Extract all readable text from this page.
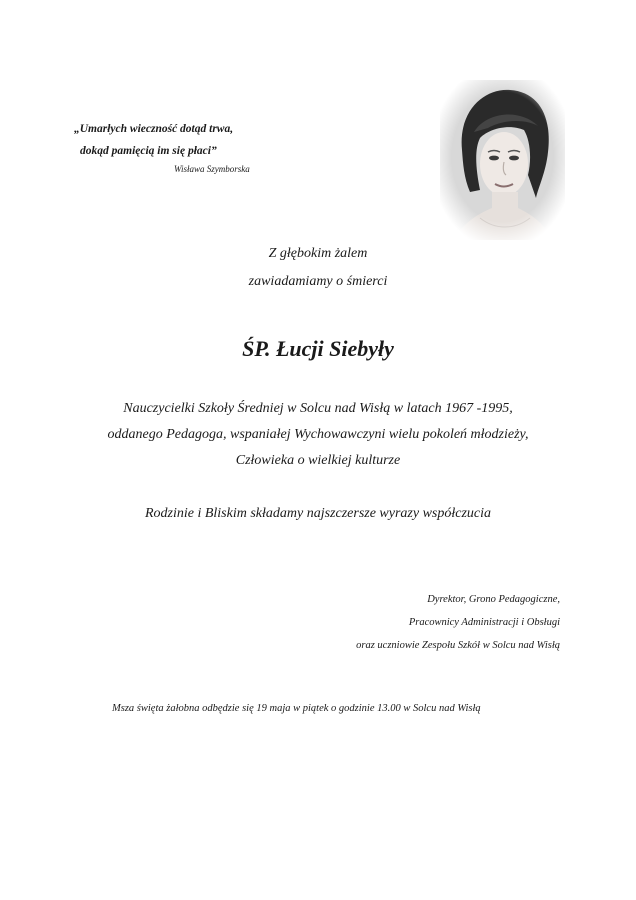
„Umarłych wieczność dotąd trwa,
dokąd pamięcią im się płaci”
Wisława Szymborska
Z głębokim żalem
zawiadamiamy o śmierci
ŚP. Łucji Siebyły
Nauczycielki Szkoły Średniej w Solcu nad Wisłą w latach 1967 -1995,
oddanego Pedagoga, wspaniałej Wychowawczyni wielu pokoleń młodzieży,
Człowieka o wielkiej kulturze
Rodzinie i Bliskim składamy najszczersze wyrazy współczucia
Dyrektor, Grono Pedagogiczne,
Pracownicy Administracji i Obsługi
oraz uczniowie Zespołu Szkół w Solcu nad Wisłą
Msza święta żałobna odbędzie się 19 maja w piątek o godzinie 13.00 w Solcu nad Wisłą
